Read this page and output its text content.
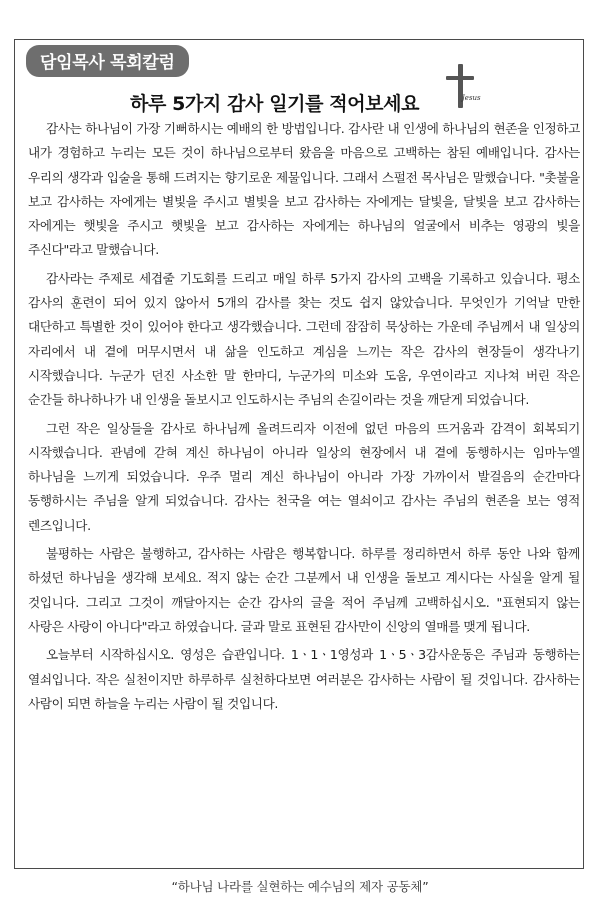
담임목사 목회칼럼
하루 5가지 감사 일기를 적어보세요	Jesus

감사는 하나님이 가장 기뻐하시는 예배의 한 방법입니다. 감사란 내 인생에 하나님의 현존을 인정하고 내가 경험하고 누리는 모든 것이 하나님으로부터 왔음을 마음으로 고백하는 참된 예배입니다. 감사는 우리의 생각과 입술을 통해 드려지는 향기로운 제물입니다. 그래서 스펄전 목사님은 말했습니다. "촛불을 보고 감사하는 자에게는 별빛을 주시고 별빛을 보고 감사하는 자에게는 달빛을, 달빛을 보고 감사하는 자에게는 햇빛을 주시고 햇빛을 보고 감사하는 자에게는 하나님의 얼굴에서 비추는 영광의 빛을 주신다"라고 말했습니다.

감사라는 주제로 세겹줄 기도회를 드리고 매일 하루 5가지 감사의 고백을 기록하고 있습니다. 평소 감사의 훈련이 되어 있지 않아서 5개의 감사를 찾는 것도 쉽지 않았습니다. 무엇인가 기억날 만한 대단하고 특별한 것이 있어야 한다고 생각했습니다. 그런데 잠잠히 묵상하는 가운데 주님께서 내 일상의 자리에서 내 곁에 머무시면서 내 삶을 인도하고 계심을 느끼는 작은 감사의 현장들이 생각나기 시작했습니다. 누군가 던진 사소한 말 한마디, 누군가의 미소와 도움, 우연이라고 지나쳐 버린 작은 순간들 하나하나가 내 인생을 돌보시고 인도하시는 주님의 손길이라는 것을 깨닫게 되었습니다.

그런 작은 일상들을 감사로 하나님께 올려드리자 이전에 없던 마음의 뜨거움과 감격이 회복되기 시작했습니다. 관념에 갇혀 계신 하나님이 아니라 일상의 현장에서 내 곁에 동행하시는 임마누엘 하나님을 느끼게 되었습니다. 우주 멀리 계신 하나님이 아니라 가장 가까이서 발걸음의 순간마다 동행하시는 주님을 알게 되었습니다. 감사는 천국을 여는 열쇠이고 감사는 주님의 현존을 보는 영적 렌즈입니다.

불평하는 사람은 불행하고, 감사하는 사람은 행복합니다. 하루를 정리하면서 하루 동안 나와 함께 하셨던 하나님을 생각해 보세요. 적지 않는 순간 그분께서 내 인생을 돌보고 계시다는 사실을 알게 될 것입니다. 그리고 그것이 깨달아지는 순간 감사의 글을 적어 주님께 고백하십시오. "표현되지 않는 사랑은 사랑이 아니다"라고 하였습니다. 글과 말로 표현된 감사만이 신앙의 열매를 맺게 됩니다.

오늘부터 시작하십시오. 영성은 습관입니다. 1ㆍ1ㆍ1영성과 1ㆍ5ㆍ3감사운동은 주님과 동행하는 열쇠입니다. 작은 실천이지만 하루하루 실천하다보면 여러분은 감사하는 사람이 될 것입니다. 감사하는 사람이 되면 하늘을 누리는 사람이 될 것입니다.

“하나님 나라를 실현하는 예수님의 제자 공동체”
